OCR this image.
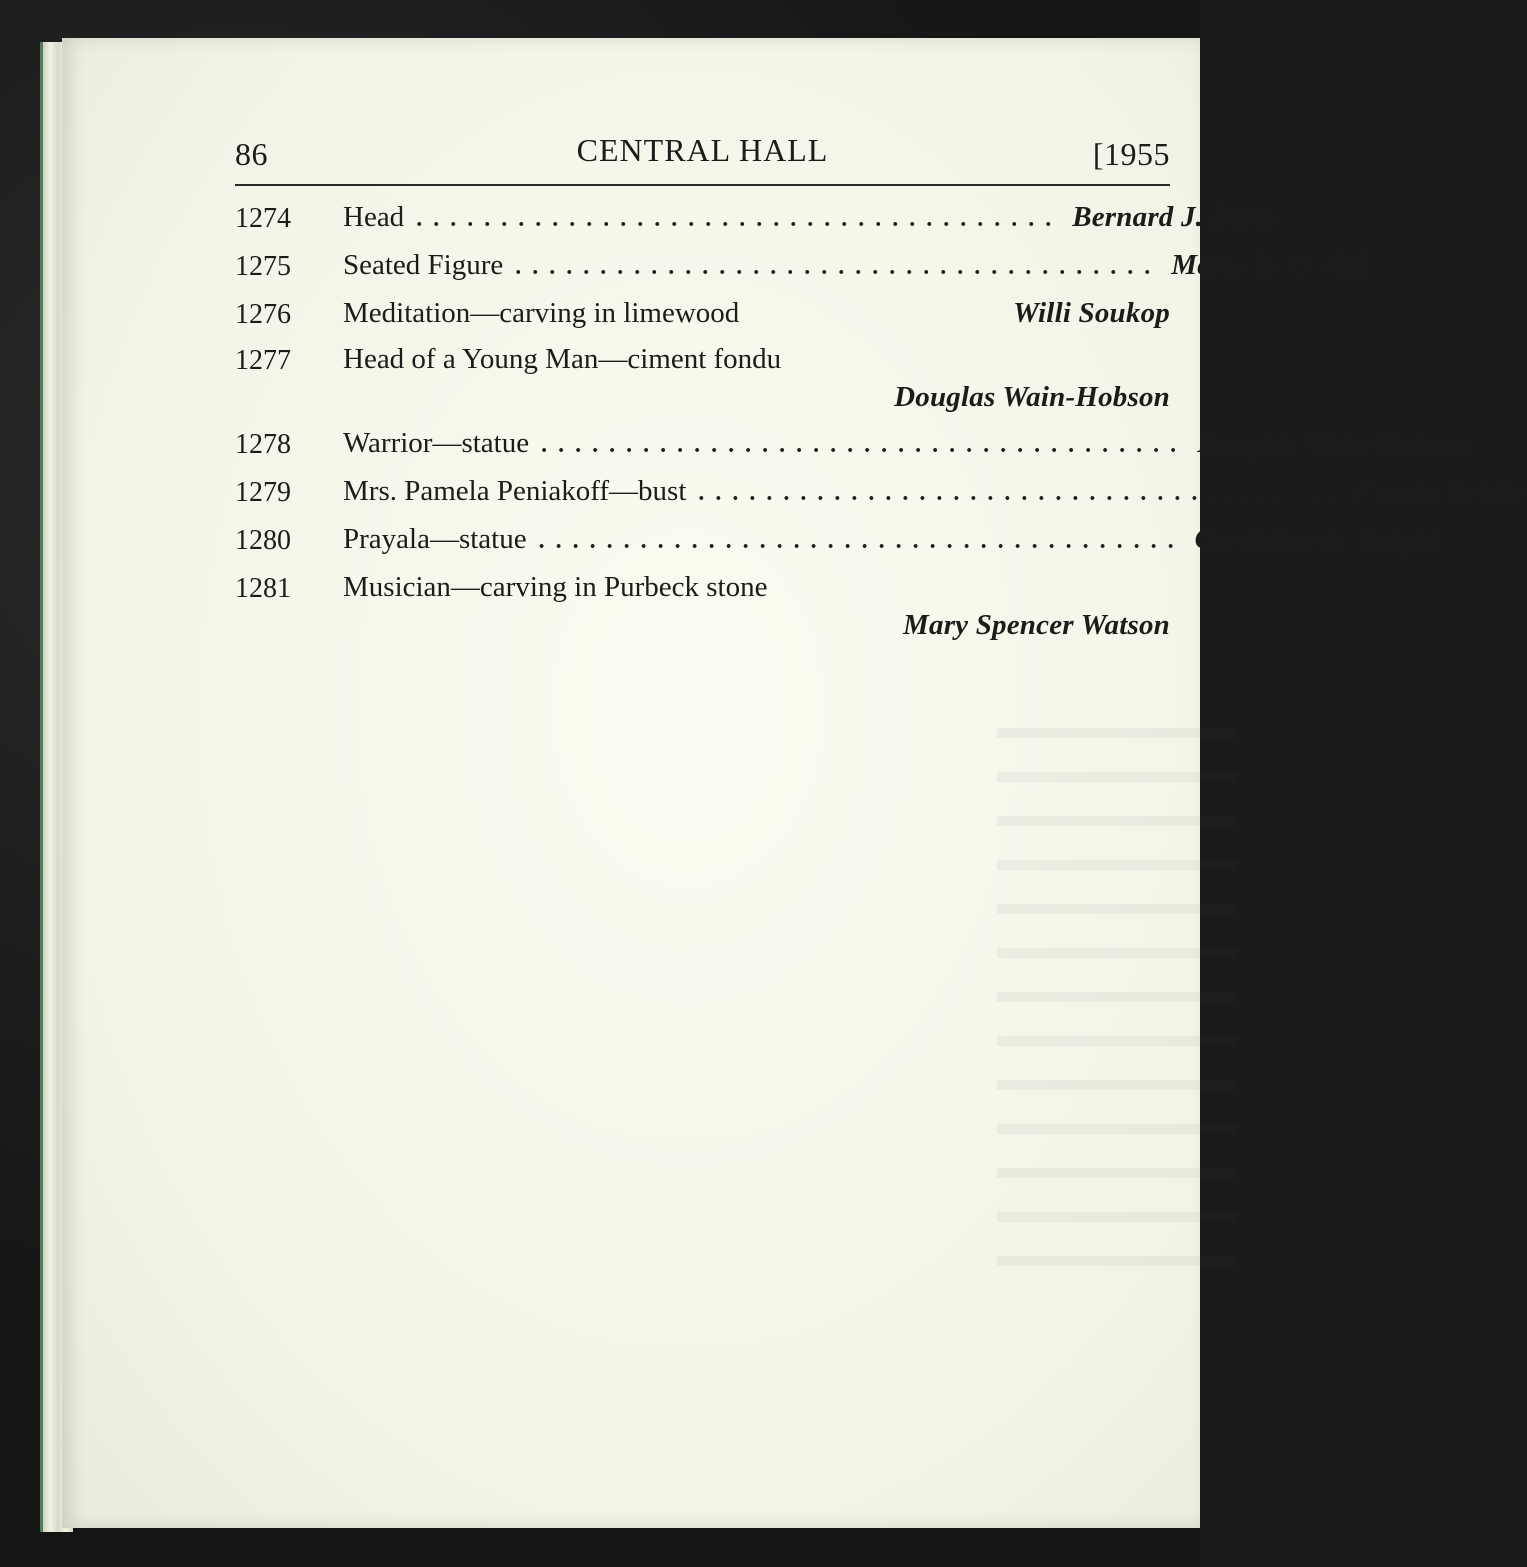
86	CENTRAL HALL	[1955
1274	Head ...................................... Bernard J. Davis
1275	Seated Figure ...................................... Marie H. C. Gill
1276	Meditation—carving in limewood	Willi Soukop
1277	Head of a Young Man—ciment fondu
Douglas Wain-Hobson
1278	Warrior—statue ...................................... Douglas Wain-Hobson
1279	Mrs. Pamela Peniakoff—bust ...................................... Franta Belsky
1280	Prayala—statue ...................................... Geraldine A. Knight
1281	Musician—carving in Purbeck stone
Mary Spencer Watson
